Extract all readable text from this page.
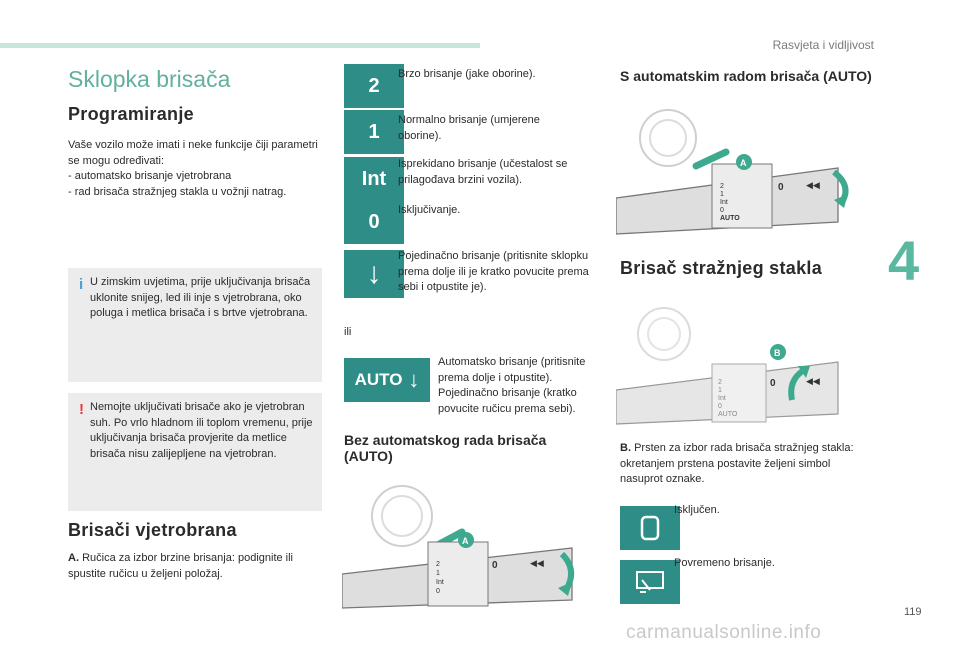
Rasvjeta i vidljivost
4
119
carmanualsonline.info
Sklopka brisača
Programiranje
Vaše vozilo može imati i neke funkcije čiji parametri se mogu određivati:
- automatsko brisanje vjetrobrana
- rad brisača stražnjeg stakla u vožnji natrag.
i U zimskim uvjetima, prije uključivanja brisača uklonite snijeg, led ili inje s vjetrobrana, oko poluga i metlica brisača i s brtve vjetrobrana.
! Nemojte uključivati brisače ako je vjetrobran suh. Po vrlo hladnom ili toplom vremenu, prije uključivanja brisača provjerite da metlice brisača nisu zalijepljene na vjetrobran.
Brisači vjetrobrana
A. Ručica za izbor brzine brisanja: podignite ili spustite ručicu u željeni položaj.
2
Brzo brisanje (jake oborine).
1
Normalno brisanje (umjerene oborine).
Int
Isprekidano brisanje (učestalost se prilagođava brzini vozila).
0
Isključivanje.
↓
Pojedinačno brisanje (pritisnite sklopku prema dolje ili je kratko povucite prema sebi i otpustite je).
ili
AUTO ↓
Automatsko brisanje (pritisnite prema dolje i otpustite). Pojedinačno brisanje (kratko povucite ručicu prema sebi).
Bez automatskog rada brisača (AUTO)
2
1
Int
0
0	◀◀
A
S automatskim radom brisača (AUTO)
2
1
Int
0
AUTO
0 ◀◀
A
Brisač stražnjeg stakla
2
1
Int
0
AUTO
0	◀◀
B
B. Prsten za izbor rada brisača stražnjeg stakla: okretanjem prstena postavite željeni simbol nasuprot oznake.
Isključen.
Povremeno brisanje.
